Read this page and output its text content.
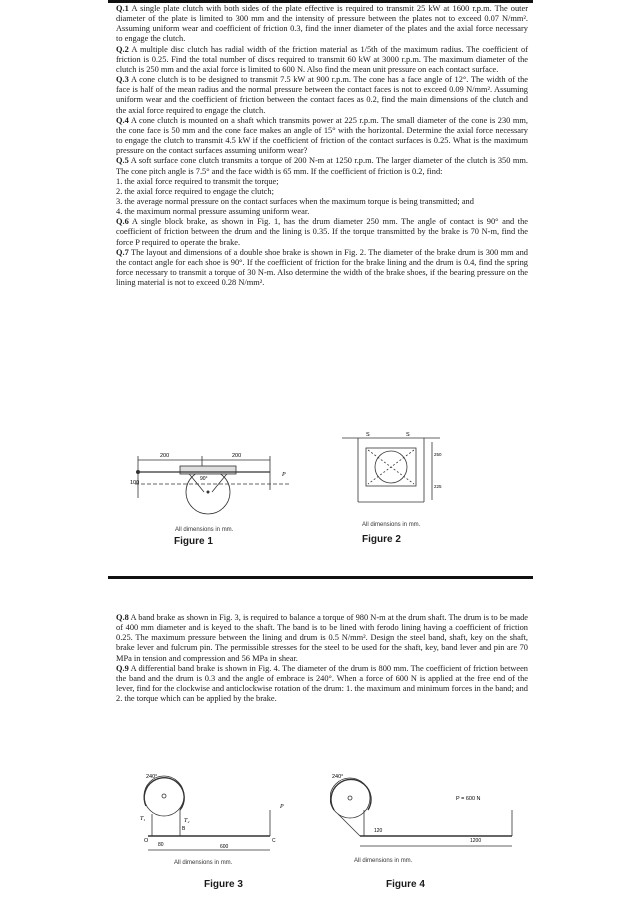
Q.1 A single plate clutch with both sides of the plate effective is required to transmit 25 kW at 1600 r.p.m. The outer diameter of the plate is limited to 300 mm and the intensity of pressure between the plates not to exceed 0.07 N/mm². Assuming uniform wear and coefficient of friction 0.3, find the inner diameter of the plates and the axial force necessary to engage the clutch.

Q.2 A multiple disc clutch has radial width of the friction material as 1/5th of the maximum radius. The coefficient of friction is 0.25. Find the total number of discs required to transmit 60 kW at 3000 r.p.m. The maximum diameter of the clutch is 250 mm and the axial force is limited to 600 N. Also find the mean unit pressure on each contact surface.

Q.3 A cone clutch is to be designed to transmit 7.5 kW at 900 r.p.m. The cone has a face angle of 12°. The width of the face is half of the mean radius and the normal pressure between the contact faces is not to exceed 0.09 N/mm². Assuming uniform wear and the coefficient of friction between the contact faces as 0.2, find the main dimensions of the clutch and the axial force required to engage the clutch.

Q.4 A cone clutch is mounted on a shaft which transmits power at 225 r.p.m. The small diameter of the cone is 230 mm, the cone face is 50 mm and the cone face makes an angle of 15° with the horizontal. Determine the axial force necessary to engage the clutch to transmit 4.5 kW if the coefficient of friction of the contact surfaces is 0.25. What is the maximum pressure on the contact surfaces assuming uniform wear?

Q.5 A soft surface cone clutch transmits a torque of 200 N-m at 1250 r.p.m. The larger diameter of the clutch is 350 mm. The cone pitch angle is 7.5° and the face width is 65 mm. If the coefficient of friction is 0.2, find:

1. the axial force required to transmit the torque;

2. the axial force required to engage the clutch;

3. the average normal pressure on the contact surfaces when the maximum torque is being transmitted; and

4. the maximum normal pressure assuming uniform wear.

Q.6 A single block brake, as shown in Fig. 1, has the drum diameter 250 mm. The angle of contact is 90° and the coefficient of friction between the drum and the lining is 0.35. If the torque transmitted by the brake is 70 N-m, find the force P required to operate the brake.

Q.7 The layout and dimensions of a double shoe brake is shown in Fig. 2. The diameter of the brake drum is 300 mm and the contact angle for each shoe is 90°. If the coefficient of friction for the brake lining and the drum is 0.4, find the spring force necessary to transmit a torque of 30 N-m. Also determine the width of the brake shoes, if the bearing pressure on the lining material is not to exceed 0.28 N/mm².

200	200
100
90°
P
All dimensions in mm.
Figure 1
S	S
250
225
All dimensions in mm.
Figure 2

Q.8 A band brake as shown in Fig. 3, is required to balance a torque of 980 N-m at the drum shaft. The drum is to be made of 400 mm diameter and is keyed to the shaft. The band is to be lined with ferodo lining having a coefficient of friction 0.25. The maximum pressure between the lining and drum is 0.5 N/mm². Design the steel band, shaft, key on the shaft, brake lever and fulcrum pin. The permissible stresses for the steel to be used for the shaft, key, band lever and pin are 70 MPa in tension and compression and 56 MPa in shear.

Q.9 A differential band brake is shown in Fig. 4. The diameter of the drum is 800 mm. The coefficient of friction between the band and the drum is 0.3 and the angle of embrace is 240°. When a force of 600 N is applied at the free end of the lever, find for the clockwise and anticlockwise rotation of the drum: 1. the maximum and minimum forces in the band; and 2. the torque which can be applied by the brake.

240°
T₁	T₂
O
B
C
P
80	600
All dimensions in mm.
Figure 3
240°
P = 600 N
120
1200
All dimensions in mm.
Figure 4
